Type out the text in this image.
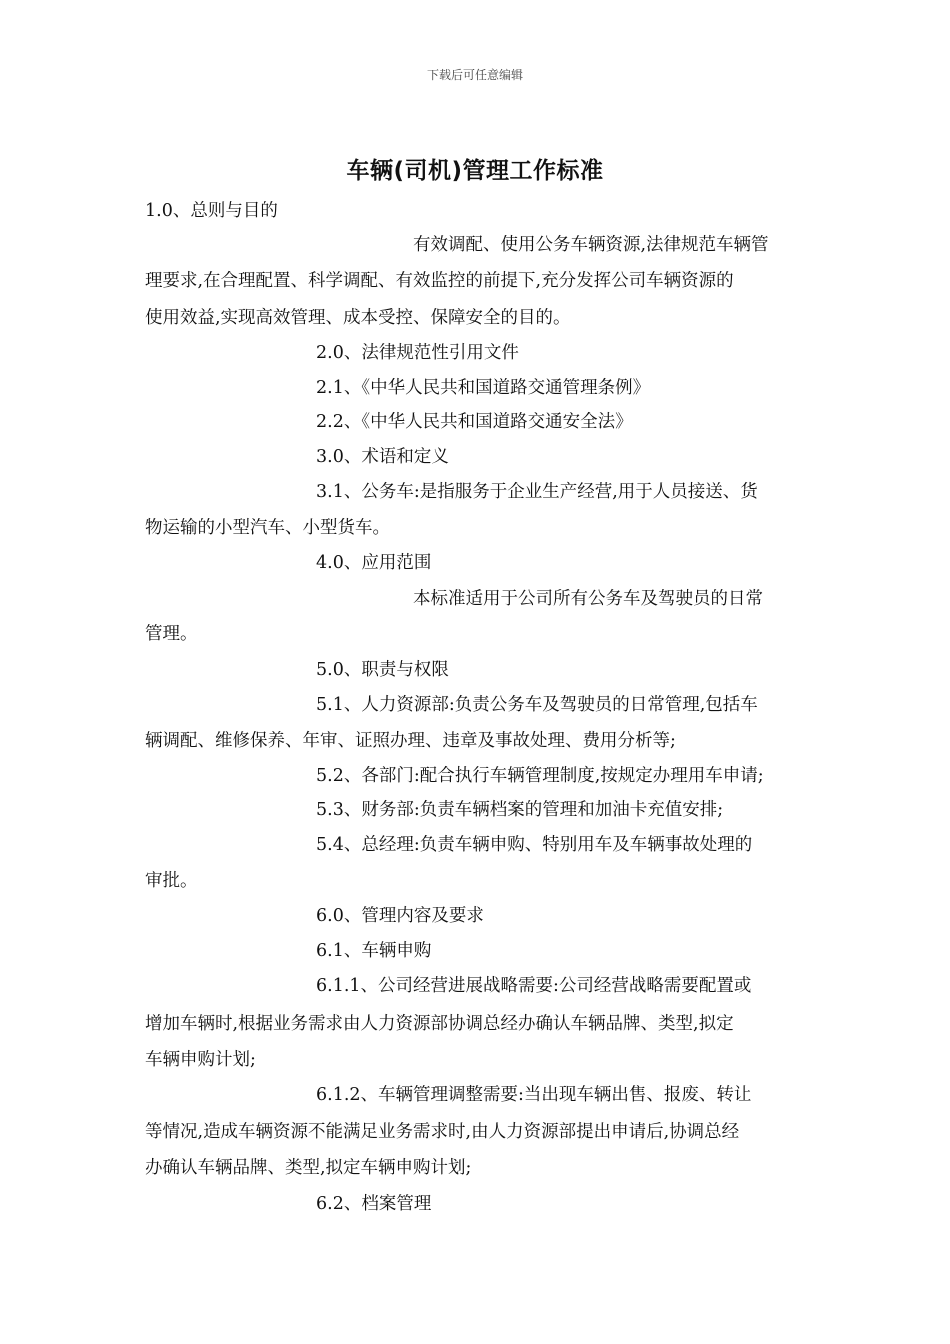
下载后可任意编辑
车辆(司机)管理工作标准
1.0、总则与目的
有效调配、使用公务车辆资源,法律规范车辆管
理要求,在合理配置、科学调配、有效监控的前提下,充分发挥公司车辆资源的
使用效益,实现高效管理、成本受控、保障安全的目的。
2.0、法律规范性引用文件
2.1、《中华人民共和国道路交通管理条例》
2.2、《中华人民共和国道路交通安全法》
3.0、术语和定义
3.1、公务车:是指服务于企业生产经营,用于人员接送、货
物运输的小型汽车、小型货车。
4.0、应用范围
本标准适用于公司所有公务车及驾驶员的日常
管理。
5.0、职责与权限
5.1、人力资源部:负责公务车及驾驶员的日常管理,包括车
辆调配、维修保养、年审、证照办理、违章及事故处理、费用分析等;
5.2、各部门:配合执行车辆管理制度,按规定办理用车申请;
5.3、财务部:负责车辆档案的管理和加油卡充值安排;
5.4、总经理:负责车辆申购、特别用车及车辆事故处理的
审批。
6.0、管理内容及要求
6.1、车辆申购
6.1.1、公司经营进展战略需要:公司经营战略需要配置或
增加车辆时,根据业务需求由人力资源部协调总经办确认车辆品牌、类型,拟定
车辆申购计划;
6.1.2、车辆管理调整需要:当出现车辆出售、报废、转让
等情况,造成车辆资源不能满足业务需求时,由人力资源部提出申请后,协调总经
办确认车辆品牌、类型,拟定车辆申购计划;
6.2、档案管理
